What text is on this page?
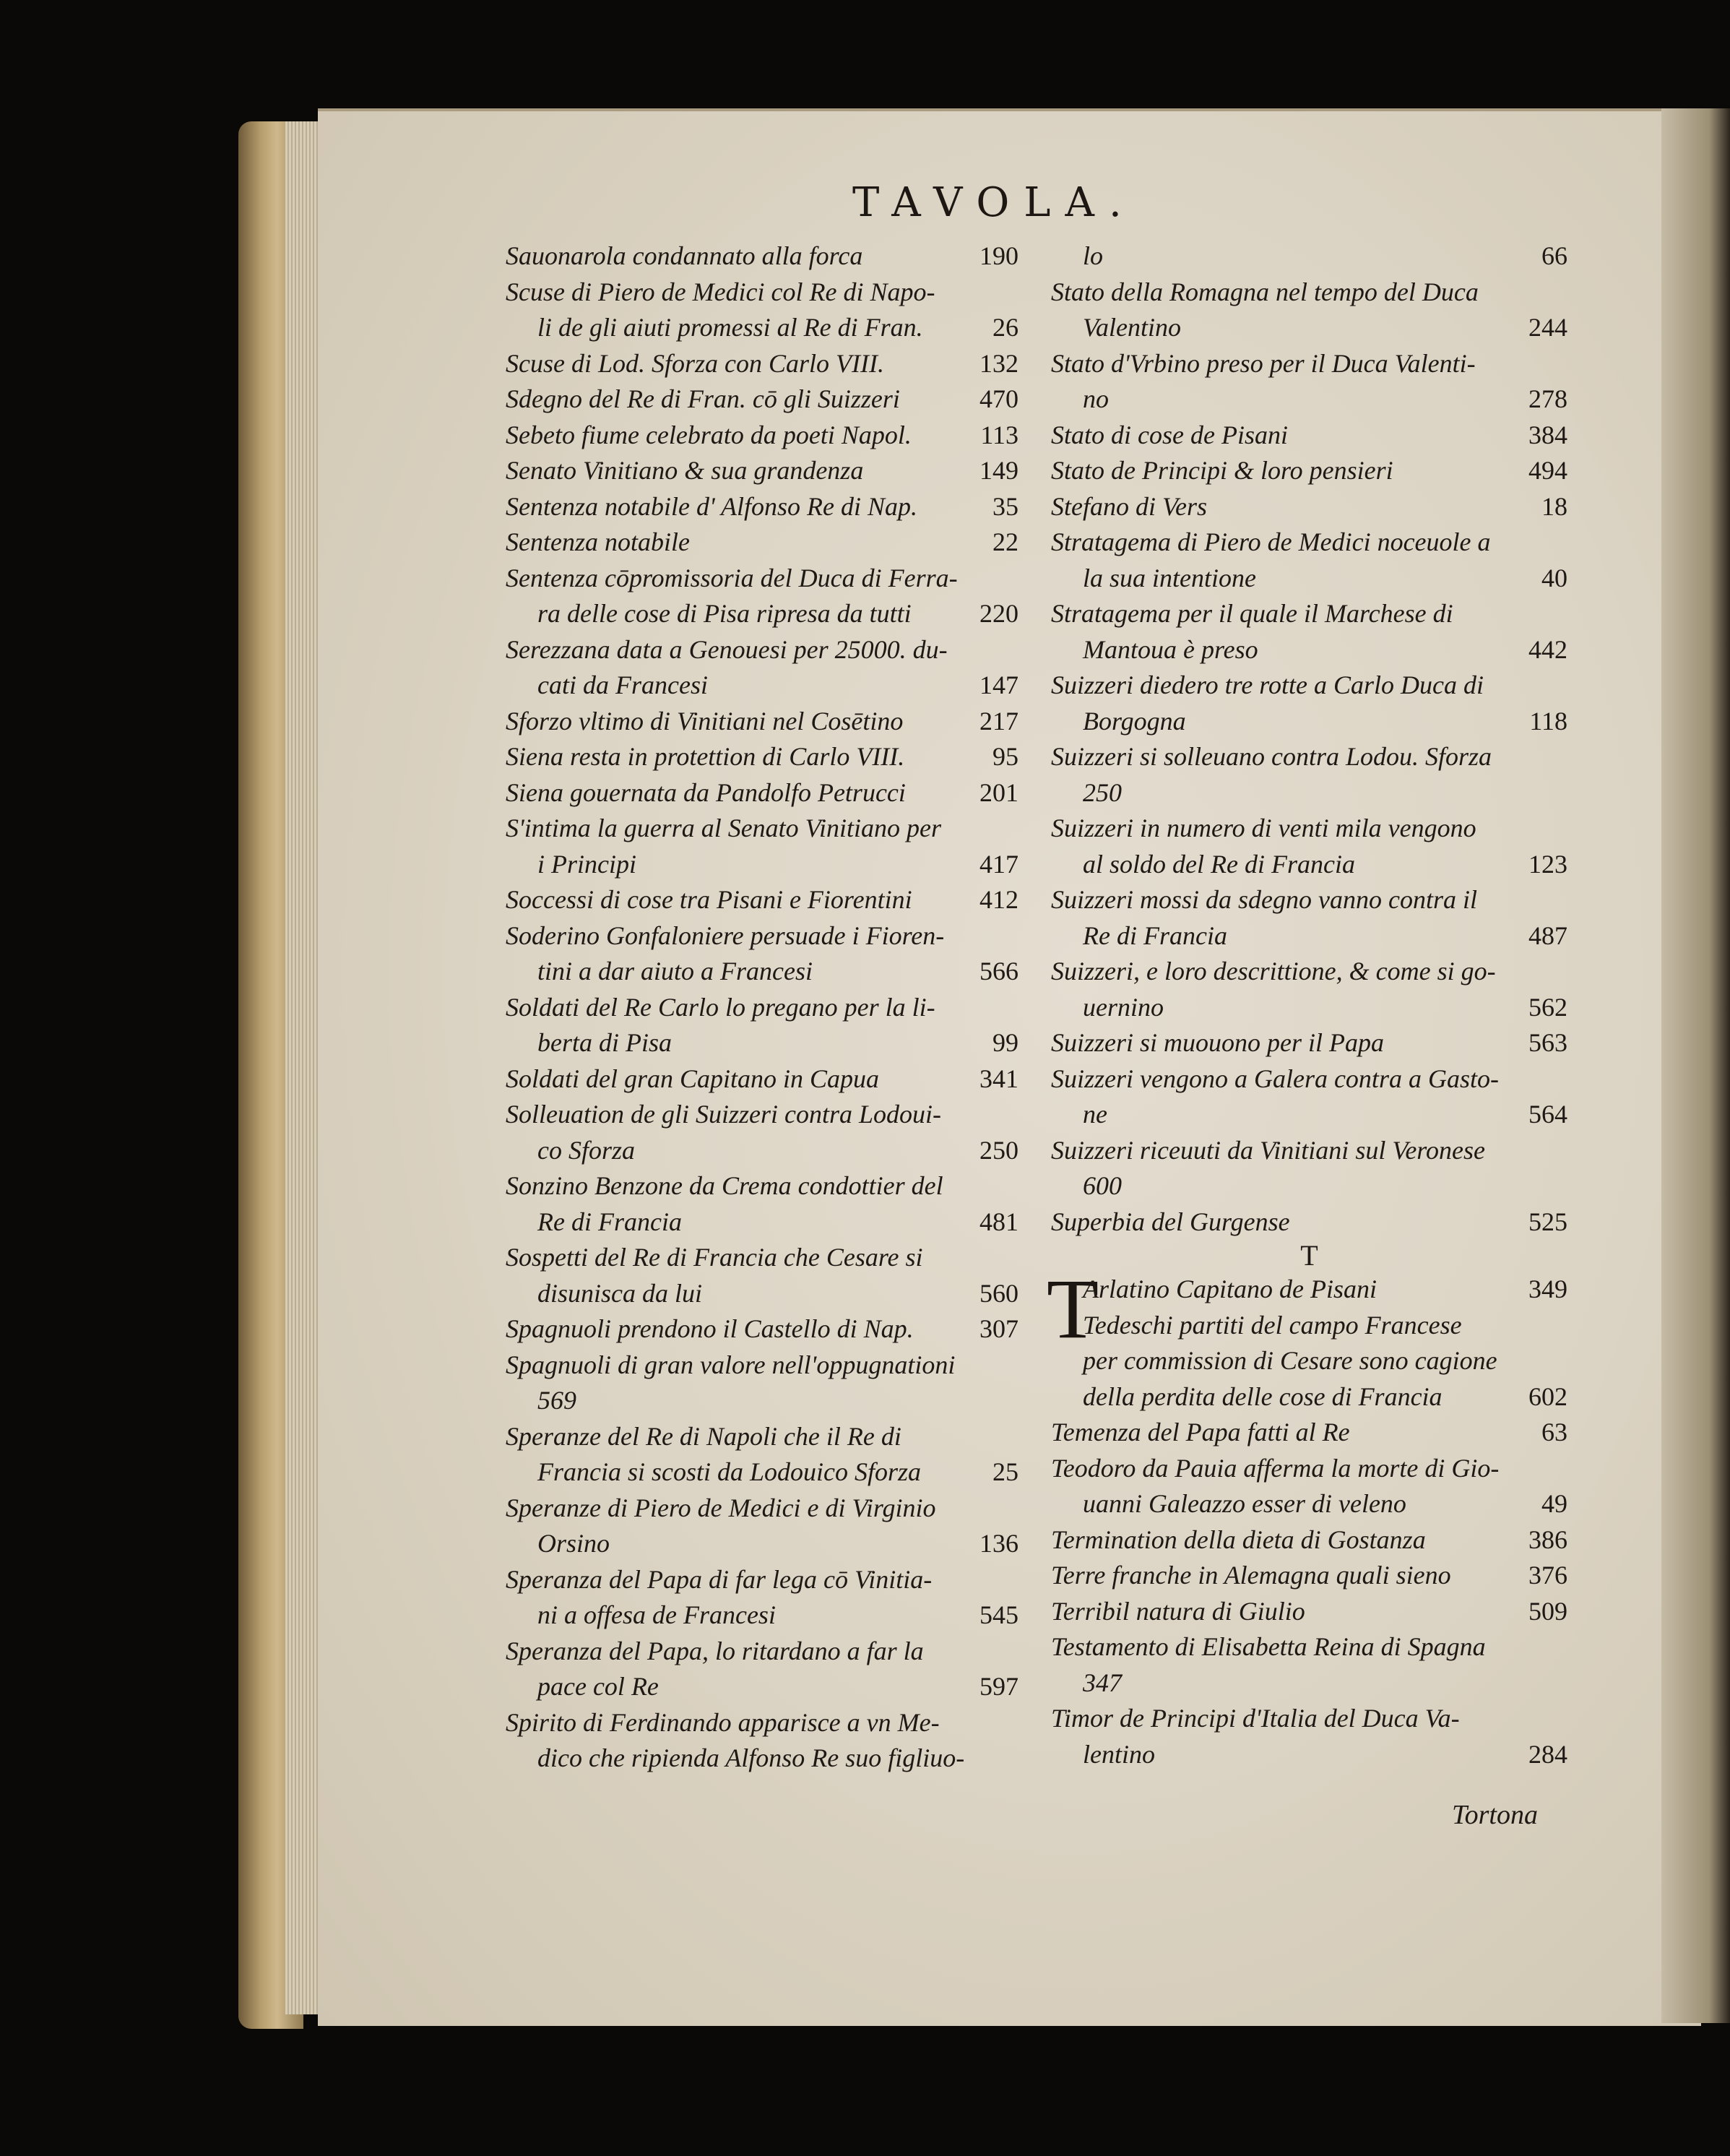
TAVOLA.
Sauonarola condannato alla forca	190
Scuse di Piero de Medici col Re di Napo-
li de gli aiuti promessi al Re di Fran.	26
Scuse di Lod. Sforza con Carlo VIII.	132
Sdegno del Re di Fran. cō gli Suizzeri	470
Sebeto fiume celebrato da poeti Napol.	113
Senato Vinitiano & sua grandenza	149
Sentenza notabile d' Alfonso Re di Nap.	35
Sentenza notabile	22
Sentenza cōpromissoria del Duca di Ferra-
ra delle cose di Pisa ripresa da tutti	220
Serezzana data a Genouesi per 25000. du-
cati da Francesi	147
Sforzo vltimo di Vinitiani nel Cosētino	217
Siena resta in protettion di Carlo VIII.	95
Siena gouernata da Pandolfo Petrucci	201
S'intima la guerra al Senato Vinitiano per
i Principi	417
Soccessi di cose tra Pisani e Fiorentini	412
Soderino Gonfaloniere persuade i Fioren-
tini a dar aiuto a Francesi	566
Soldati del Re Carlo lo pregano per la li-
berta di Pisa	99
Soldati del gran Capitano in Capua	341
Sollеuation de gli Suizzeri contra Lodoui-
co Sforza	250
Sonzino Benzone da Crema condottier del
Re di Francia	481
Sospetti del Re di Francia che Cesare si
disunisca da lui	560
Spagnuoli prendono il Castello di Nap.	307
Spagnuoli di gran valore nell'oppugnationi
569
Speranze del Re di Napoli che il Re di
Francia si scosti da Lodouico Sforza	25
Speranze di Piero de Medici e di Virginio
Orsino	136
Speranza del Papa di far lega cō Vinitia-
ni a offesa de Francesi	545
Speranza del Papa, lo ritardano a far la
pace col Re	597
Spirito di Ferdinando apparisce a vn Me-
dico che ripienda Alfonso Re suo figliuo-
lo	66
Stato della Romagna nel tempo del Duca
Valentino	244
Stato d'Vrbino preso per il Duca Valenti-
no	278
Stato di cose de Pisani	384
Stato de Principi & loro pensieri	494
Stefano di Vers	18
Stratagema di Piero de Medici noceuole a
la sua intentione	40
Stratagema per il quale il Marchese di
Mantoua è preso	442
Suizzeri diedero tre rotte a Carlo Duca di
Borgogna	118
Suizzeri si solleuano contra Lodou. Sforza
250
Suizzeri in numero di venti mila vengono
al soldo del Re di Francia	123
Suizzeri mossi da sdegno vanno contra il
Re di Francia	487
Suizzeri, e loro descrittione, & come si go-
uernino	562
Suizzeri si muouono per il Papa	563
Suizzeri vengono a Galera contra a Gasto-
ne	564
Suizzeri riceuuti da Vinitiani sul Veronese
600
Superbia del Gurgense	525
T
T
Arlatino Capitano de Pisani	349
Tedeschi partiti del campo Francese
per commission di Cesare sono cagione
della perdita delle cose di Francia	602
Temenza del Papa fatti al Re	63
Teodoro da Pauia afferma la morte di Gio-
uanni Galeazzo esser di veleno	49
Termination della dieta di Gostanza	386
Terre franche in Alemagna quali sieno	376
Terribil natura di Giulio	509
Testamento di Elisabetta Reina di Spagna
347
Timor de Principi d'Italia del Duca Va-
lentino	284
Tortona
